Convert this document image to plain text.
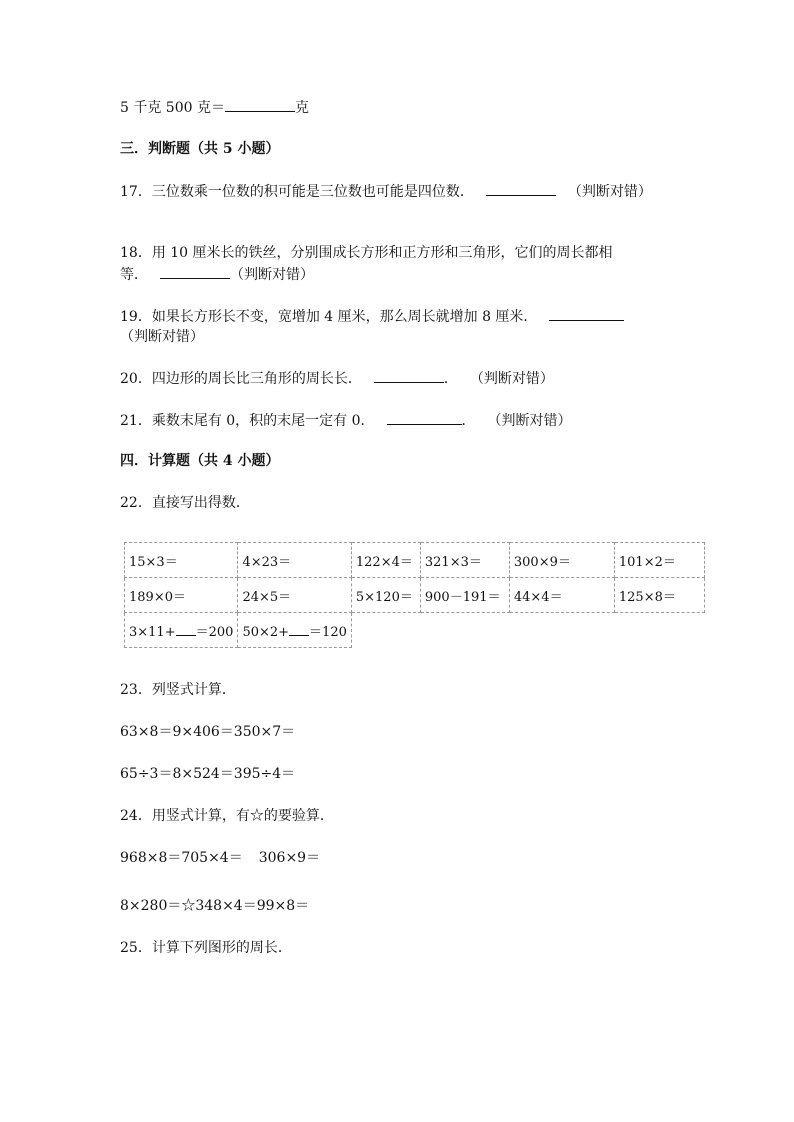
5 千克 500 克＝	克
三．判断题（共 5 小题）
17．三位数乘一位数的积可能是三位数也可能是四位数．	（判断对错）
18．用 10 厘米长的铁丝，分别围成长方形和正方形和三角形，它们的周长都相
等．	（判断对错）
19．如果长方形长不变，宽增加 4 厘米，那么周长就增加 8 厘米．
（判断对错）
20．四边形的周长比三角形的周长长．	． （判断对错）
21．乘数末尾有 0，积的末尾一定有 0．	． （判断对错）
四．计算题（共 4 小题）
22．直接写出得数．
15×3＝	4×23＝	122×4＝	321×3＝	300×9＝	101×2＝
189×0＝	24×5＝	5×120＝	900－191＝	44×4＝	125×8＝
3×11+ ＝200	50×2+ ＝120				
23．列竖式计算．
63×8＝9×406＝350×7＝
65÷3＝8×524＝395÷4＝
24．用竖式计算，有☆的要验算．
968×8＝705×4＝ 306×9＝
8×280＝☆348×4＝99×8＝
25．计算下列图形的周长．
